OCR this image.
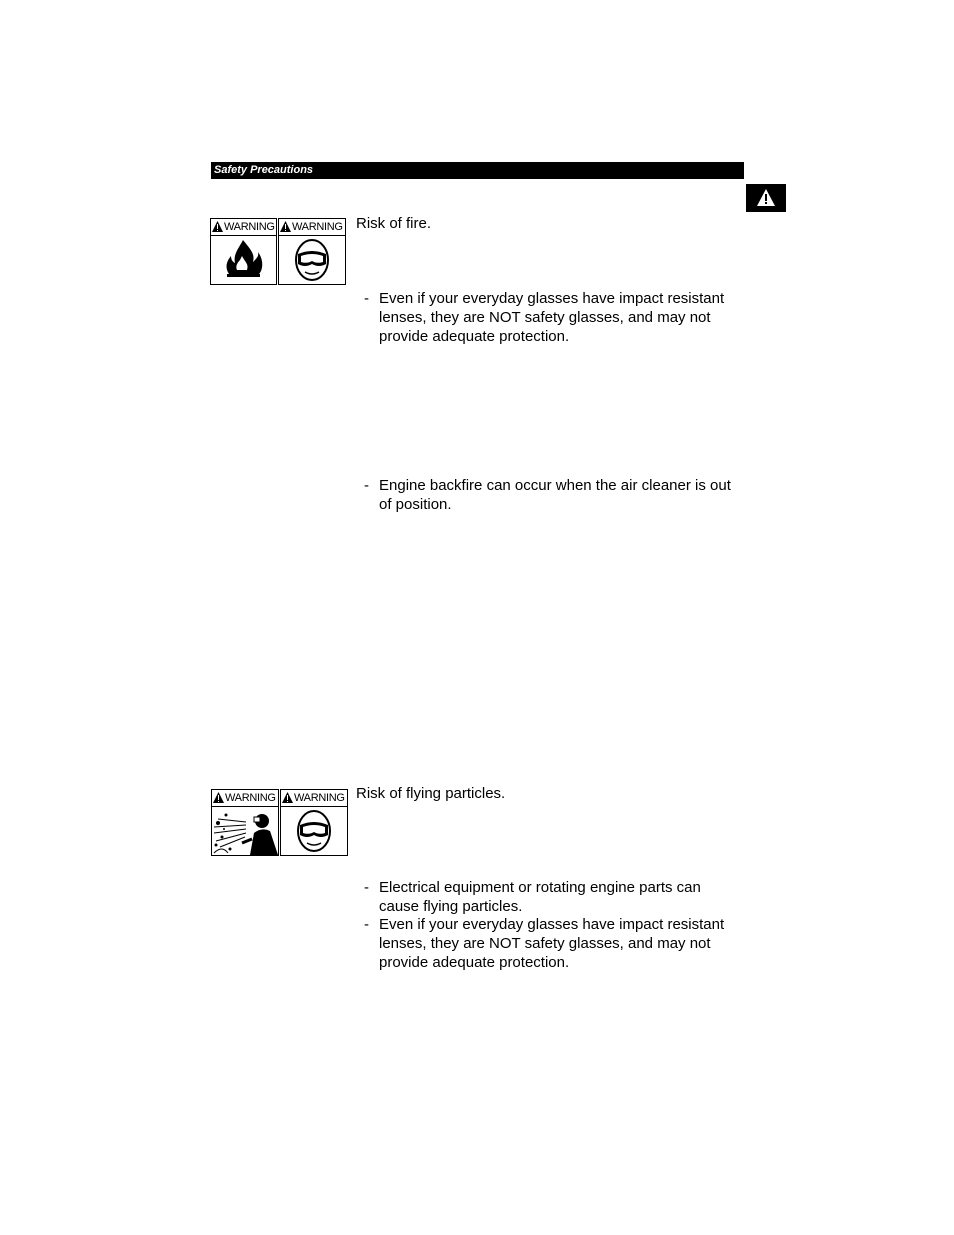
Safety Precautions
WARNING	WARNING Risk of fire.
- Even if your everyday glasses have impact resistant lenses, they are NOT safety glasses, and may not provide adequate protection.
- Engine backfire can occur when the air cleaner is out of position.
WARNING	WARNING Risk of flying particles.
- Electrical equipment or rotating engine parts can cause flying particles.
- Even if your everyday glasses have impact resistant lenses, they are NOT safety glasses, and may not provide adequate protection.
